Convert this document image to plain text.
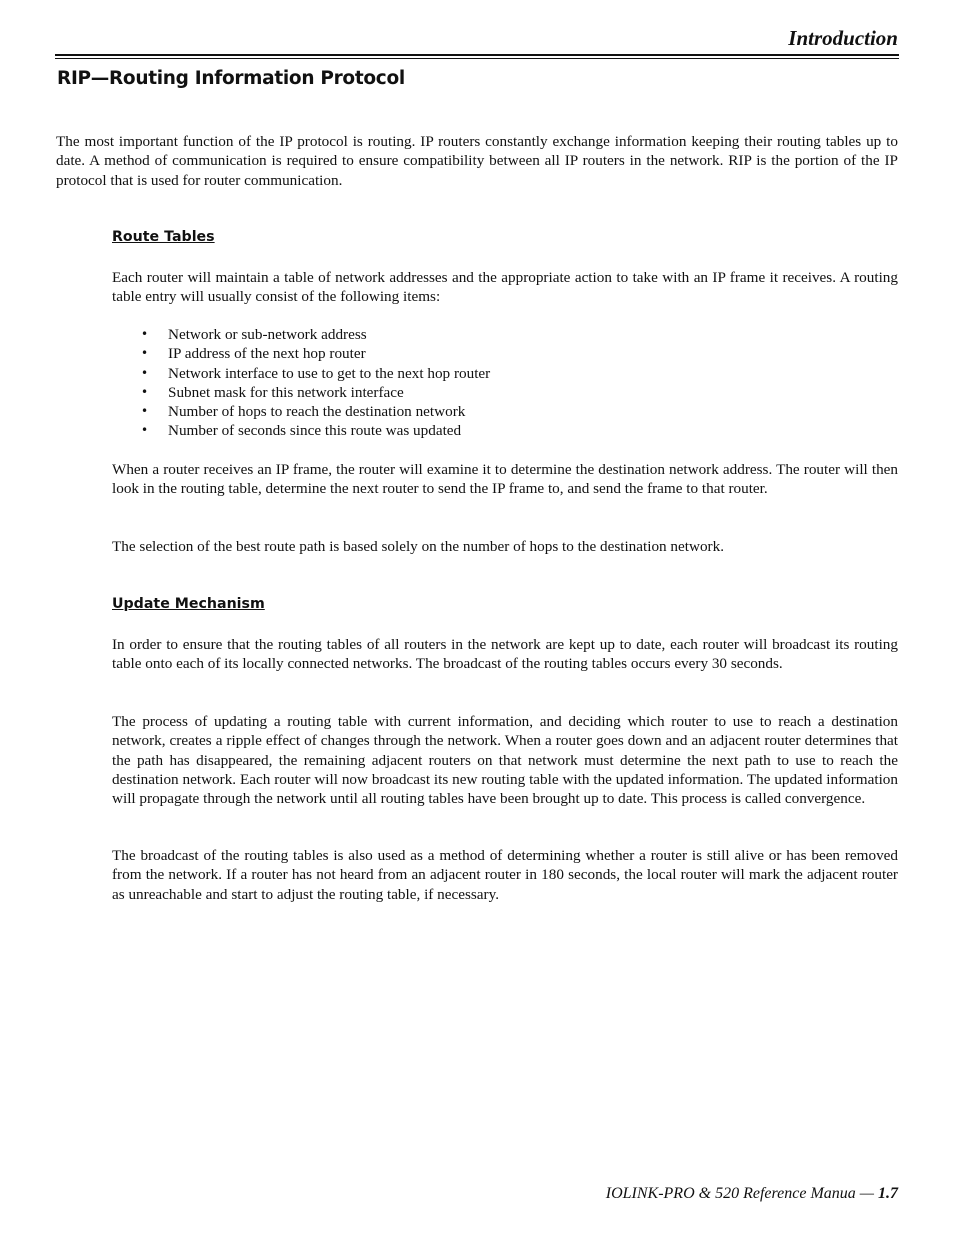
Introduction
RIP—Routing Information Protocol

The most important function of the IP protocol is routing. IP routers constantly exchange information keeping their routing tables up to date. A method of communication is required to ensure compatibility between all IP routers in the network. RIP is the portion of the IP protocol that is used for router communication.

Route Tables

Each router will maintain a table of network addresses and the appropriate action to take with an IP frame it receives. A routing table entry will usually consist of the following items:

• Network or sub-network address
• IP address of the next hop router
• Network interface to use to get to the next hop router
• Subnet mask for this network interface
• Number of hops to reach the destination network
• Number of seconds since this route was updated

When a router receives an IP frame, the router will examine it to determine the destination network address. The router will then look in the routing table, determine the next router to send the IP frame to, and send the frame to that router.

The selection of the best route path is based solely on the number of hops to the destination network.

Update Mechanism

In order to ensure that the routing tables of all routers in the network are kept up to date, each router will broadcast its routing table onto each of its locally connected networks. The broadcast of the routing tables occurs every 30 seconds.

The process of updating a routing table with current information, and deciding which router to use to reach a destination network, creates a ripple effect of changes through the network. When a router goes down and an adjacent router determines that the path has disappeared, the remaining adjacent routers on that network must determine the next path to use to reach the destination network. Each router will now broadcast its new routing table with the updated information. The updated information will propagate through the network until all routing tables have been brought up to date. This process is called convergence.

The broadcast of the routing tables is also used as a method of determining whether a router is still alive or has been removed from the network. If a router has not heard from an adjacent router in 180 seconds, the local router will mark the adjacent router as unreachable and start to adjust the routing table, if necessary.

IOLINK-PRO & 520 Reference Manua — 1.7
